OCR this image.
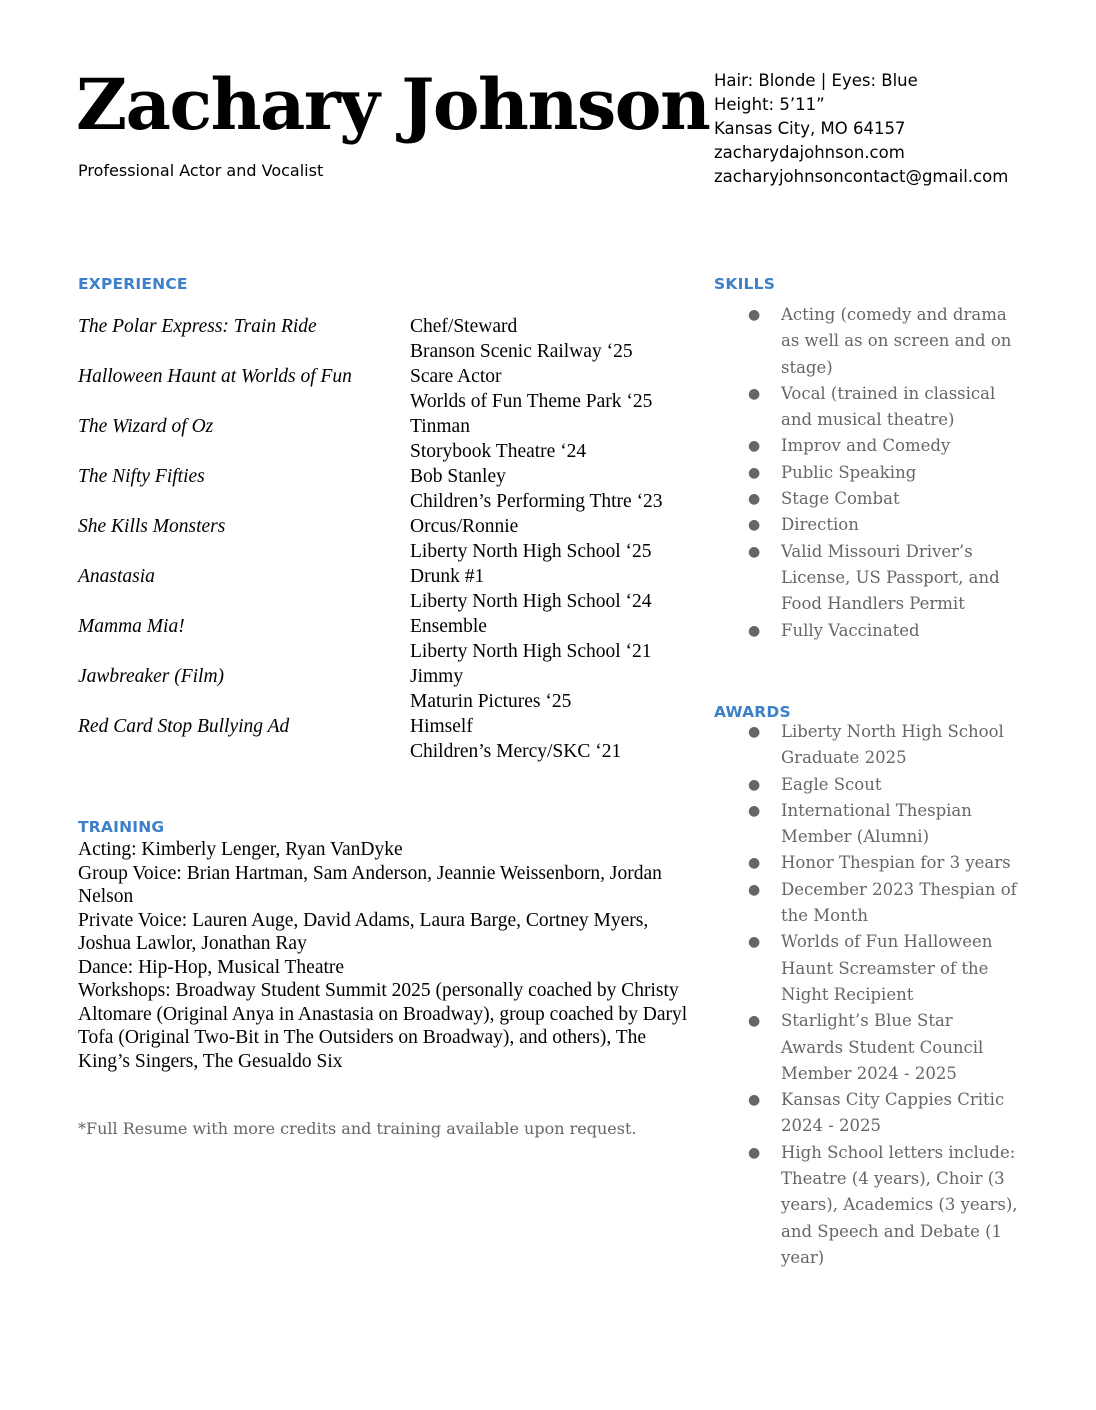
Zachary Johnson
Professional Actor and Vocalist
Hair: Blonde | Eyes: Blue
Height: 5’11”
Kansas City, MO 64157
zacharydajohnson.com
zacharyjohnsoncontact@gmail.com
EXPERIENCE
The Polar Express: Train Ride	Chef/Steward
Branson Scenic Railway ‘25
Halloween Haunt at Worlds of Fun	Scare Actor
Worlds of Fun Theme Park ‘25
The Wizard of Oz	Tinman
Storybook Theatre ‘24
The Nifty Fifties	Bob Stanley
Children’s Performing Thtre ‘23
She Kills Monsters	Orcus/Ronnie
Liberty North High School ‘25
Anastasia	Drunk #1
Liberty North High School ‘24
Mamma Mia!	Ensemble
Liberty North High School ‘21
Jawbreaker (Film)	Jimmy
Maturin Pictures ‘25
Red Card Stop Bullying Ad	Himself
Children’s Mercy/SKC ‘21
TRAINING
Acting: Kimberly Lenger, Ryan VanDyke
Group Voice: Brian Hartman, Sam Anderson, Jeannie Weissenborn, Jordan Nelson
Private Voice: Lauren Auge, David Adams, Laura Barge, Cortney Myers, Joshua Lawlor, Jonathan Ray
Dance: Hip-Hop, Musical Theatre
Workshops: Broadway Student Summit 2025 (personally coached by Christy Altomare (Original Anya in Anastasia on Broadway), group coached by Daryl Tofa (Original Two-Bit in The Outsiders on Broadway), and others), The King’s Singers, The Gesualdo Six
*Full Resume with more credits and training available upon request.
SKILLS
● Acting (comedy and drama as well as on screen and on stage)
● Vocal (trained in classical and musical theatre)
● Improv and Comedy
● Public Speaking
● Stage Combat
● Direction
● Valid Missouri Driver’s License, US Passport, and Food Handlers Permit
● Fully Vaccinated
AWARDS
● Liberty North High School Graduate 2025
● Eagle Scout
● International Thespian Member (Alumni)
● Honor Thespian for 3 years
● December 2023 Thespian of the Month
● Worlds of Fun Halloween Haunt Screamster of the Night Recipient
● Starlight’s Blue Star Awards Student Council Member 2024 - 2025
● Kansas City Cappies Critic 2024 - 2025
● High School letters include: Theatre (4 years), Choir (3 years), Academics (3 years), and Speech and Debate (1 year)
